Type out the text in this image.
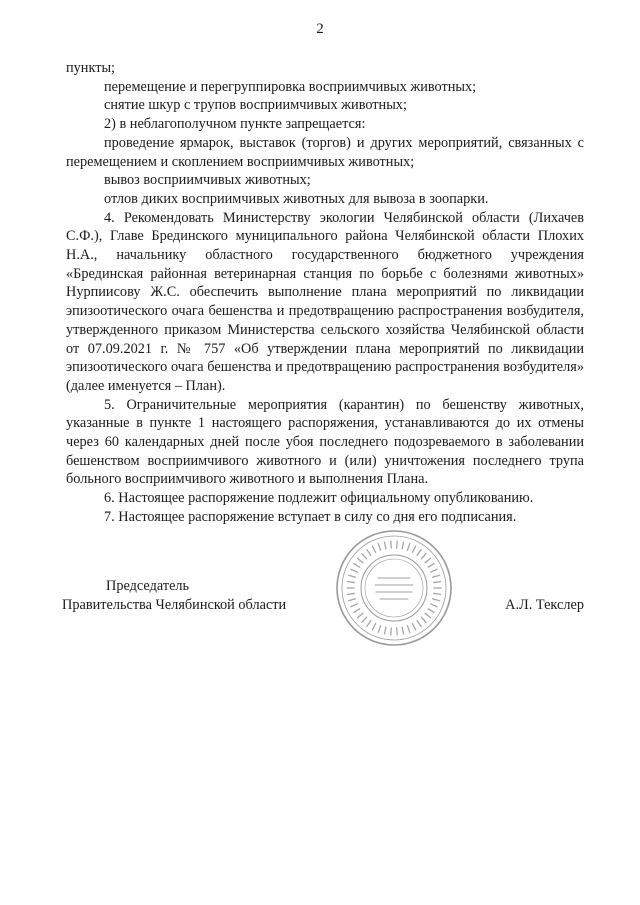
2

пункты;

перемещение и перегруппировка восприимчивых животных;

снятие шкур с трупов восприимчивых животных;

2) в неблагополучном пункте запрещается:

проведение ярмарок, выставок (торгов) и других мероприятий, связанных с перемещением и скоплением восприимчивых животных;

вывоз восприимчивых животных;

отлов диких восприимчивых животных для вывоза в зоопарки.

4. Рекомендовать Министерству экологии Челябинской области (Лихачев С.Ф.), Главе Брединского муниципального района Челябинской области Плохих Н.А., начальнику областного государственного бюджетного учреждения «Брединская районная ветеринарная станция по борьбе с болезнями животных» Нурпиисову Ж.С. обеспечить выполнение плана мероприятий по ликвидации эпизоотического очага бешенства и предотвращению распространения возбудителя, утвержденного приказом Министерства сельского хозяйства Челябинской области от 07.09.2021 г. № 757 «Об утверждении плана мероприятий по ликвидации эпизоотического очага бешенства и предотвращению распространения возбудителя» (далее именуется – План).

5. Ограничительные мероприятия (карантин) по бешенству животных, указанные в пункте 1 настоящего распоряжения, устанавливаются до их отмены через 60 календарных дней после убоя последнего подозреваемого в заболевании бешенством восприимчивого животного и (или) уничтожения последнего трупа больного восприимчивого животного и выполнения Плана.

6. Настоящее распоряжение подлежит официальному опубликованию.

7. Настоящее распоряжение вступает в силу со дня его подписания.

Председатель
Правительства Челябинской области	А.Л. Текслер
